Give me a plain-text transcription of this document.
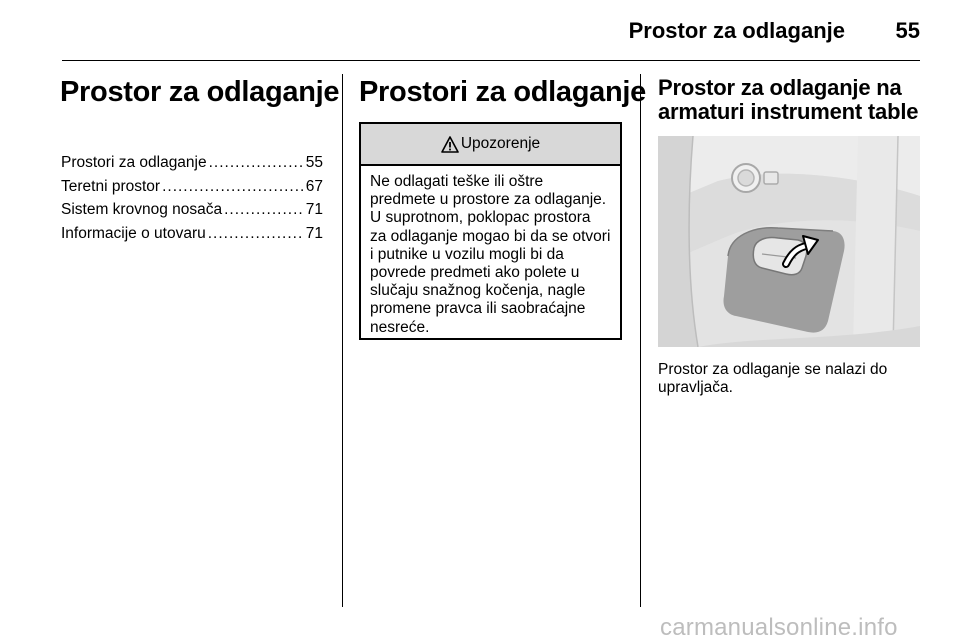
Prostor za odlaganje	55
Prostor za odlaganje
Prostori za odlaganje .....	55
Teretni prostor .....	67
Sistem krovnog nosača .....	71
Informacije o utovaru .....	71
Prostori za odlaganje
Upozorenje
Ne odlagati teške ili oštre
predmete u prostore za odlaganje.
U suprotnom, poklopac prostora
za odlaganje mogao bi da se otvori
i putnike u vozilu mogli bi da
povrede predmeti ako polete u
slučaju snažnog kočenja, nagle
promene pravca ili saobraćajne
nesreće.
Prostor za odlaganje na
armaturi instrument table
Prostor za odlaganje se nalazi do
upravljača.
carmanualsonline.info
